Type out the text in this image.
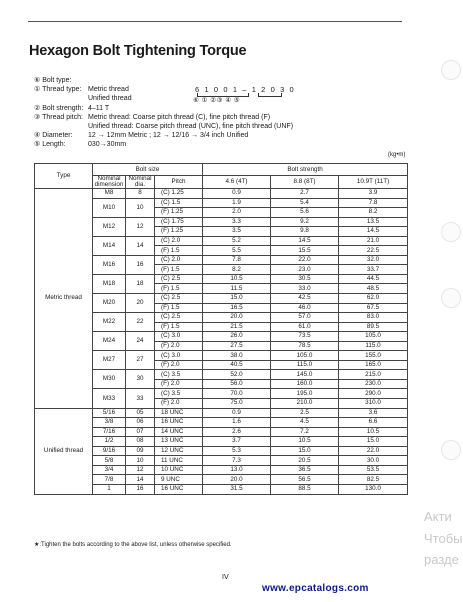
Hexagon Bolt Tightening Torque
⑥ Bolt type:
① Thread type: Metric thread
Unified thread
② Bolt strength: 4–11 T
③ Thread pitch: Metric thread: Coarse pitch thread (C), fine pitch thread (F)
Unified thread: Coarse pitch thread (UNC), fine pitch thread (UNF)
④ Diameter: 12 → 12mm Metric ; 12 → 12/16 → 3/4 inch Unified
⑤ Length:	030→30mm
6 1 0 0 1 – 1 2 0 3 0
⑥ ① ②③ ④ ⑤
(kg•m)
Type	Bolt size			Bolt strength		
	Nominal dimension	Nominal dia.	Pitch	4.6 (4T)	8.8 (8T)	10.9T (11T)
Metric thread	M8	8	(C) 1.25	0.9	2.7	3.9
	M10	10	(C) 1.5	1.9	5.4	7.8
			(F) 1.25	2.0	5.6	8.2
	M12	12	(C) 1.75	3.3	9.2	13.5
			(F) 1.25	3.5	9.8	14.5
	M14	14	(C) 2.0	5.2	14.5	21.0
			(F) 1.5	5.5	15.5	22.5
	M16	16	(C) 2.0	7.8	22.0	32.0
			(F) 1.5	8.2	23.0	33.7
	M18	18	(C) 2.5	10.5	30.5	44.5
			(F) 1.5	11.5	33.0	48.5
	M20	20	(C) 2.5	15.0	42.5	62.0
			(F) 1.5	16.5	46.0	67.5
	M22	22	(C) 2.5	20.0	57.0	83.0
			(F) 1.5	21.5	61.0	89.5
	M24	24	(C) 3.0	26.0	73.5	105.0
			(F) 2.0	27.5	78.5	115.0
	M27	27	(C) 3.0	38.0	105.0	155.0
			(F) 2.0	40.5	115.0	165.0
	M30	30	(C) 3.5	52.0	145.0	215.0
			(F) 2.0	56.0	160.0	230.0
	M33	33	(C) 3.5	70.0	195.0	290.0
			(F) 2.0	75.0	210.0	310.0
Unified thread	5/16	05	18 UNC	0.9	2.5	3.6
	3/8	06	16 UNC	1.6	4.5	6.6
	7/16	07	14 UNC	2.6	7.2	10.5
	1/2	08	13 UNC	3.7	10.5	15.0
	9/16	09	12 UNC	5.3	15.0	22.0
	5/8	10	11 UNC	7.3	20.5	30.0
	3/4	12	10 UNC	13.0	36.5	53.5
	7/8	14	9 UNC	20.0	56.5	82.5
	1	16	16 UNC	31.5	88.5	130.0
★:Tighten the bolts according to the above list, unless otherwise specified.
IV
www.epcatalogs.com
Акти
Чтобы
разде
